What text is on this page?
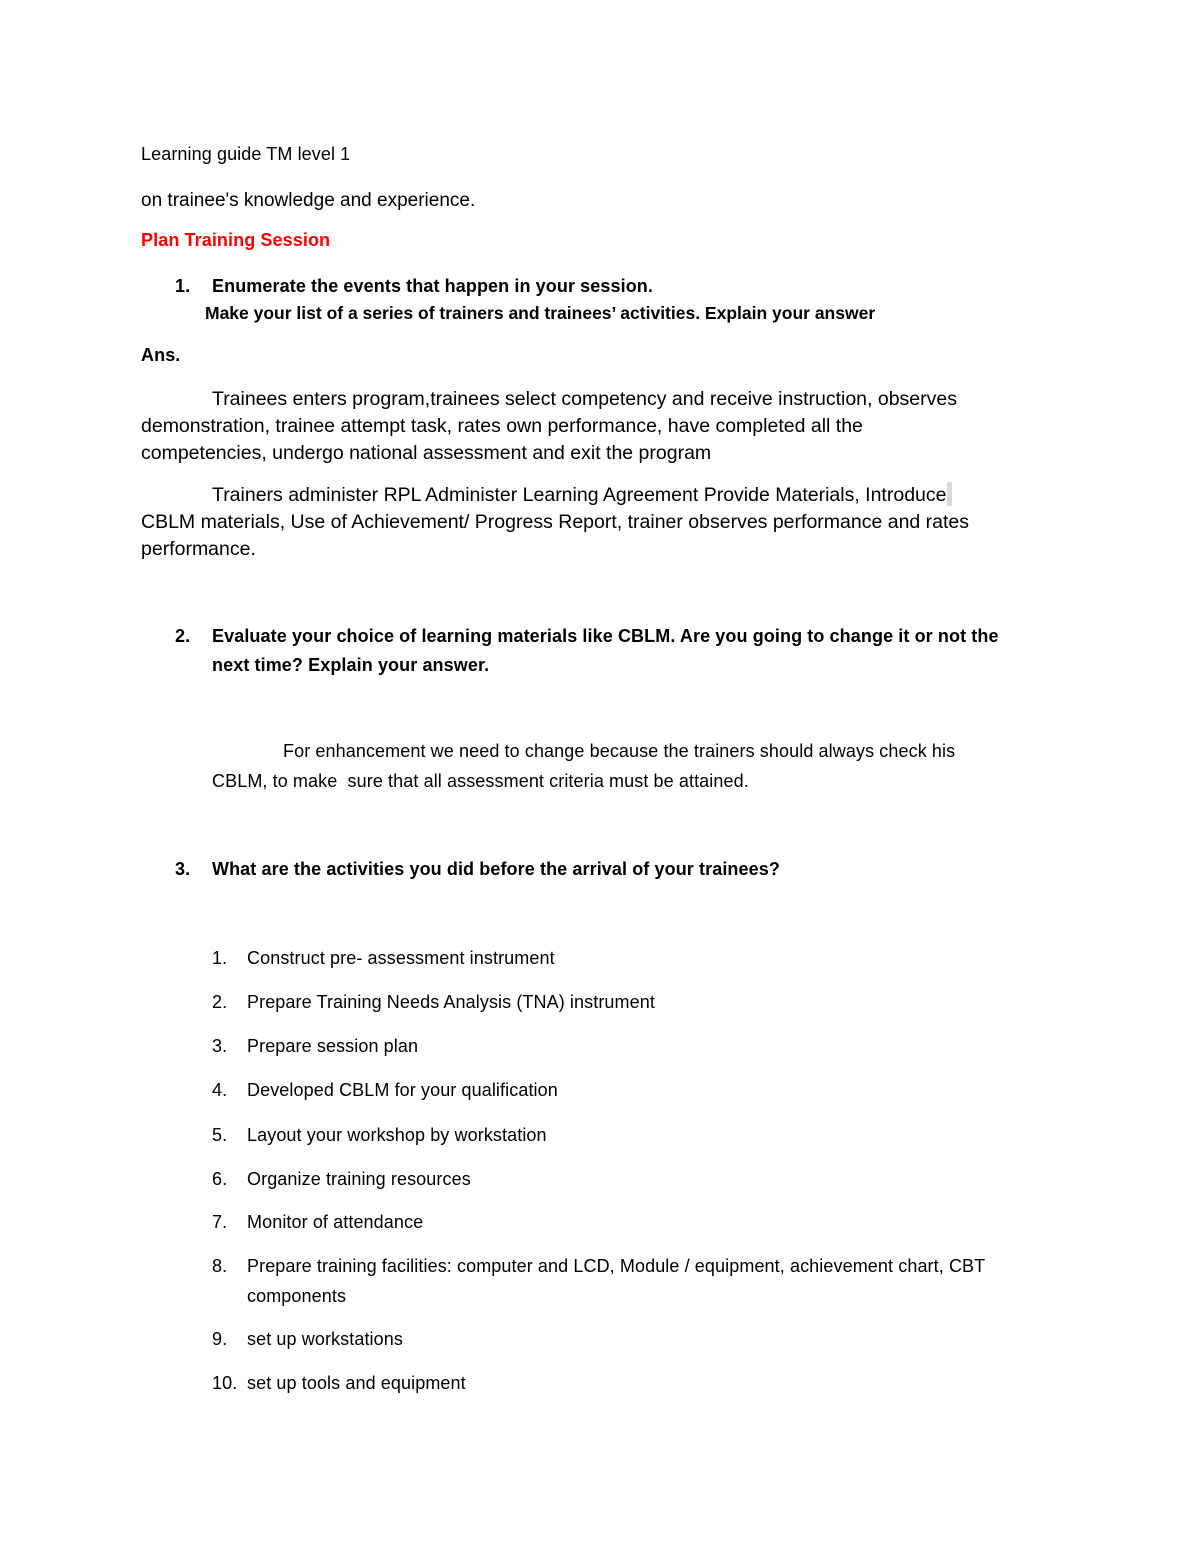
Learning guide TM level 1
on trainee's knowledge and experience.
Plan Training Session
1. Enumerate the events that happen in your session.
Make your list of a series of trainers and trainees’ activities. Explain your answer
Ans.
Trainees enters program,trainees select competency and receive instruction, observes
demonstration, trainee attempt task, rates own performance, have completed all the
competencies, undergo national assessment and exit the program
Trainers administer RPL Administer Learning Agreement Provide Materials, Introduce
CBLM materials, Use of Achievement/ Progress Report, trainer observes performance and rates
performance.
2. Evaluate your choice of learning materials like CBLM. Are you going to change it or not the
next time? Explain your answer.
For enhancement we need to change because the trainers should always check his
CBLM, to make  sure that all assessment criteria must be attained.
3. What are the activities you did before the arrival of your trainees?
1. Construct pre- assessment instrument
2. Prepare Training Needs Analysis (TNA) instrument
3. Prepare session plan
4. Developed CBLM for your qualification
5. Layout your workshop by workstation
6. Organize training resources
7. Monitor of attendance
8. Prepare training facilities: computer and LCD, Module / equipment, achievement chart, CBT
components
9. set up workstations
10. set up tools and equipment
